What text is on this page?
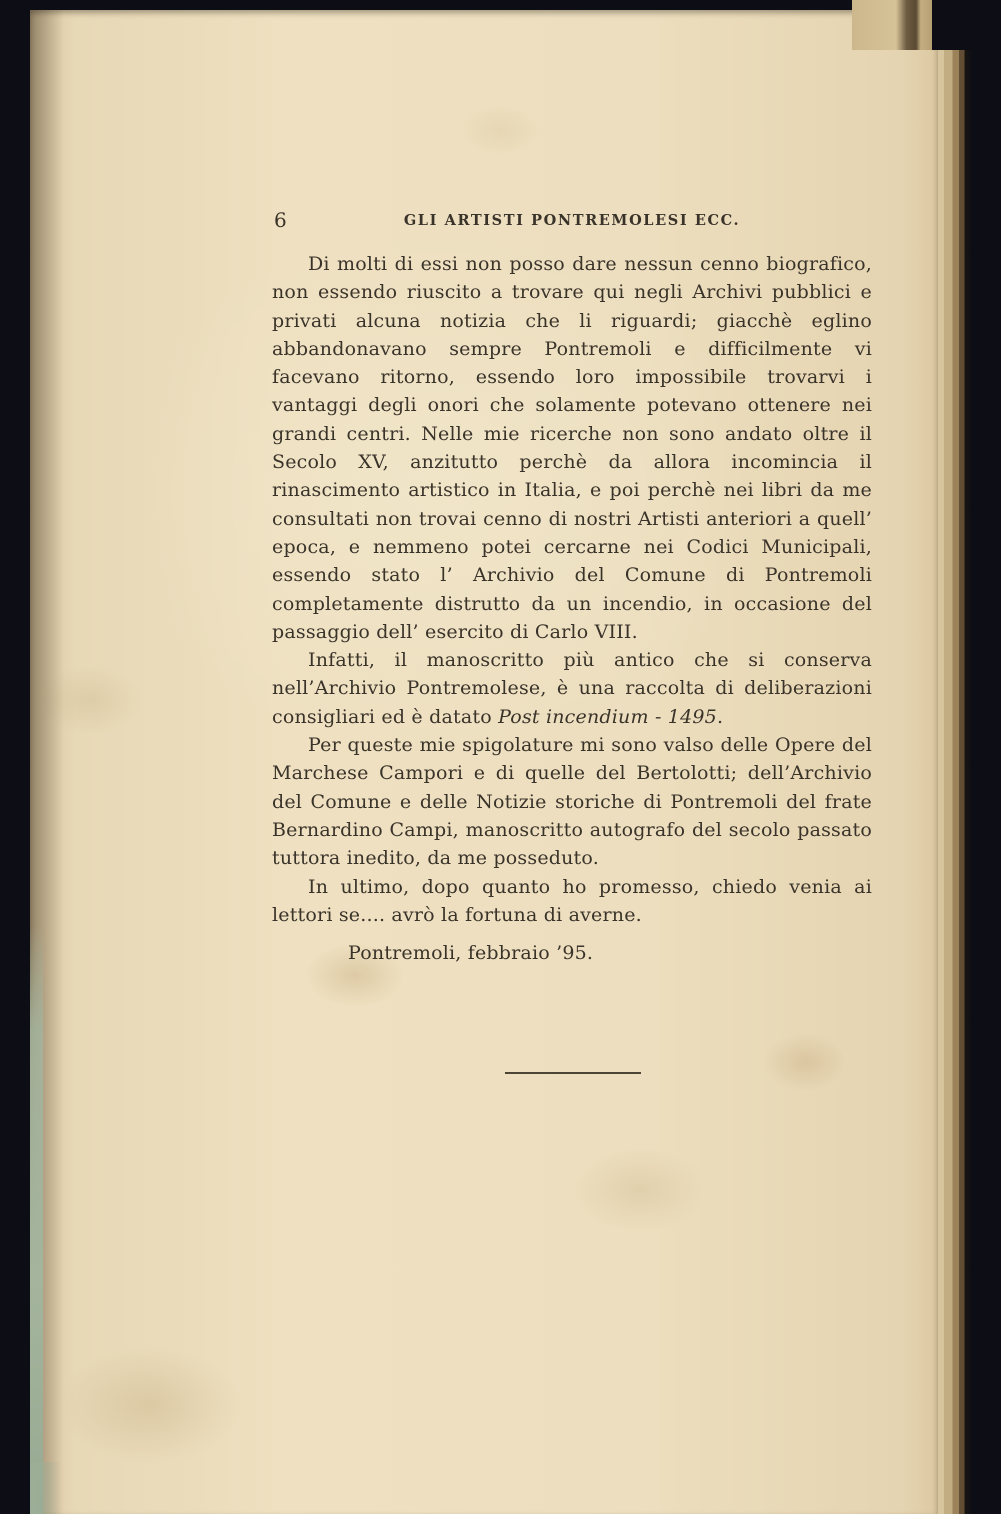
6	GLI ARTISTI PONTREMOLESI ECC.

Di molti di essi non posso dare nessun cenno biografico, non essendo riuscito a trovare qui negli Archivi pubblici e privati alcuna notizia che li riguardi; giacchè eglino abbandonavano sempre Pontremoli e difficilmente vi facevano ritorno, essendo loro impossibile trovarvi i vantaggi degli onori che solamente potevano ottenere nei grandi centri. Nelle mie ricerche non sono andato oltre il Secolo XV, anzitutto perchè da allora incomincia il rinascimento artistico in Italia, e poi perchè nei libri da me consultati non trovai cenno di nostri Artisti anteriori a quell’ epoca, e nemmeno potei cercarne nei Codici Municipali, essendo stato l’ Archivio del Comune di Pontremoli completamente distrutto da un incendio, in occasione del passaggio dell’ esercito di Carlo VIII.

Infatti, il manoscritto più antico che si conserva nell’Archivio Pontremolese, è una raccolta di deliberazioni consigliari ed è datato Post incendium - 1495.

Per queste mie spigolature mi sono valso delle Opere del Marchese Campori e di quelle del Bertolotti; dell’Archivio del Comune e delle Notizie storiche di Pontremoli del frate Bernardino Campi, manoscritto autografo del secolo passato tuttora inedito, da me posseduto.

In ultimo, dopo quanto ho promesso, chiedo venia ai lettori se.... avrò la fortuna di averne.

Pontremoli, febbraio ’95.
